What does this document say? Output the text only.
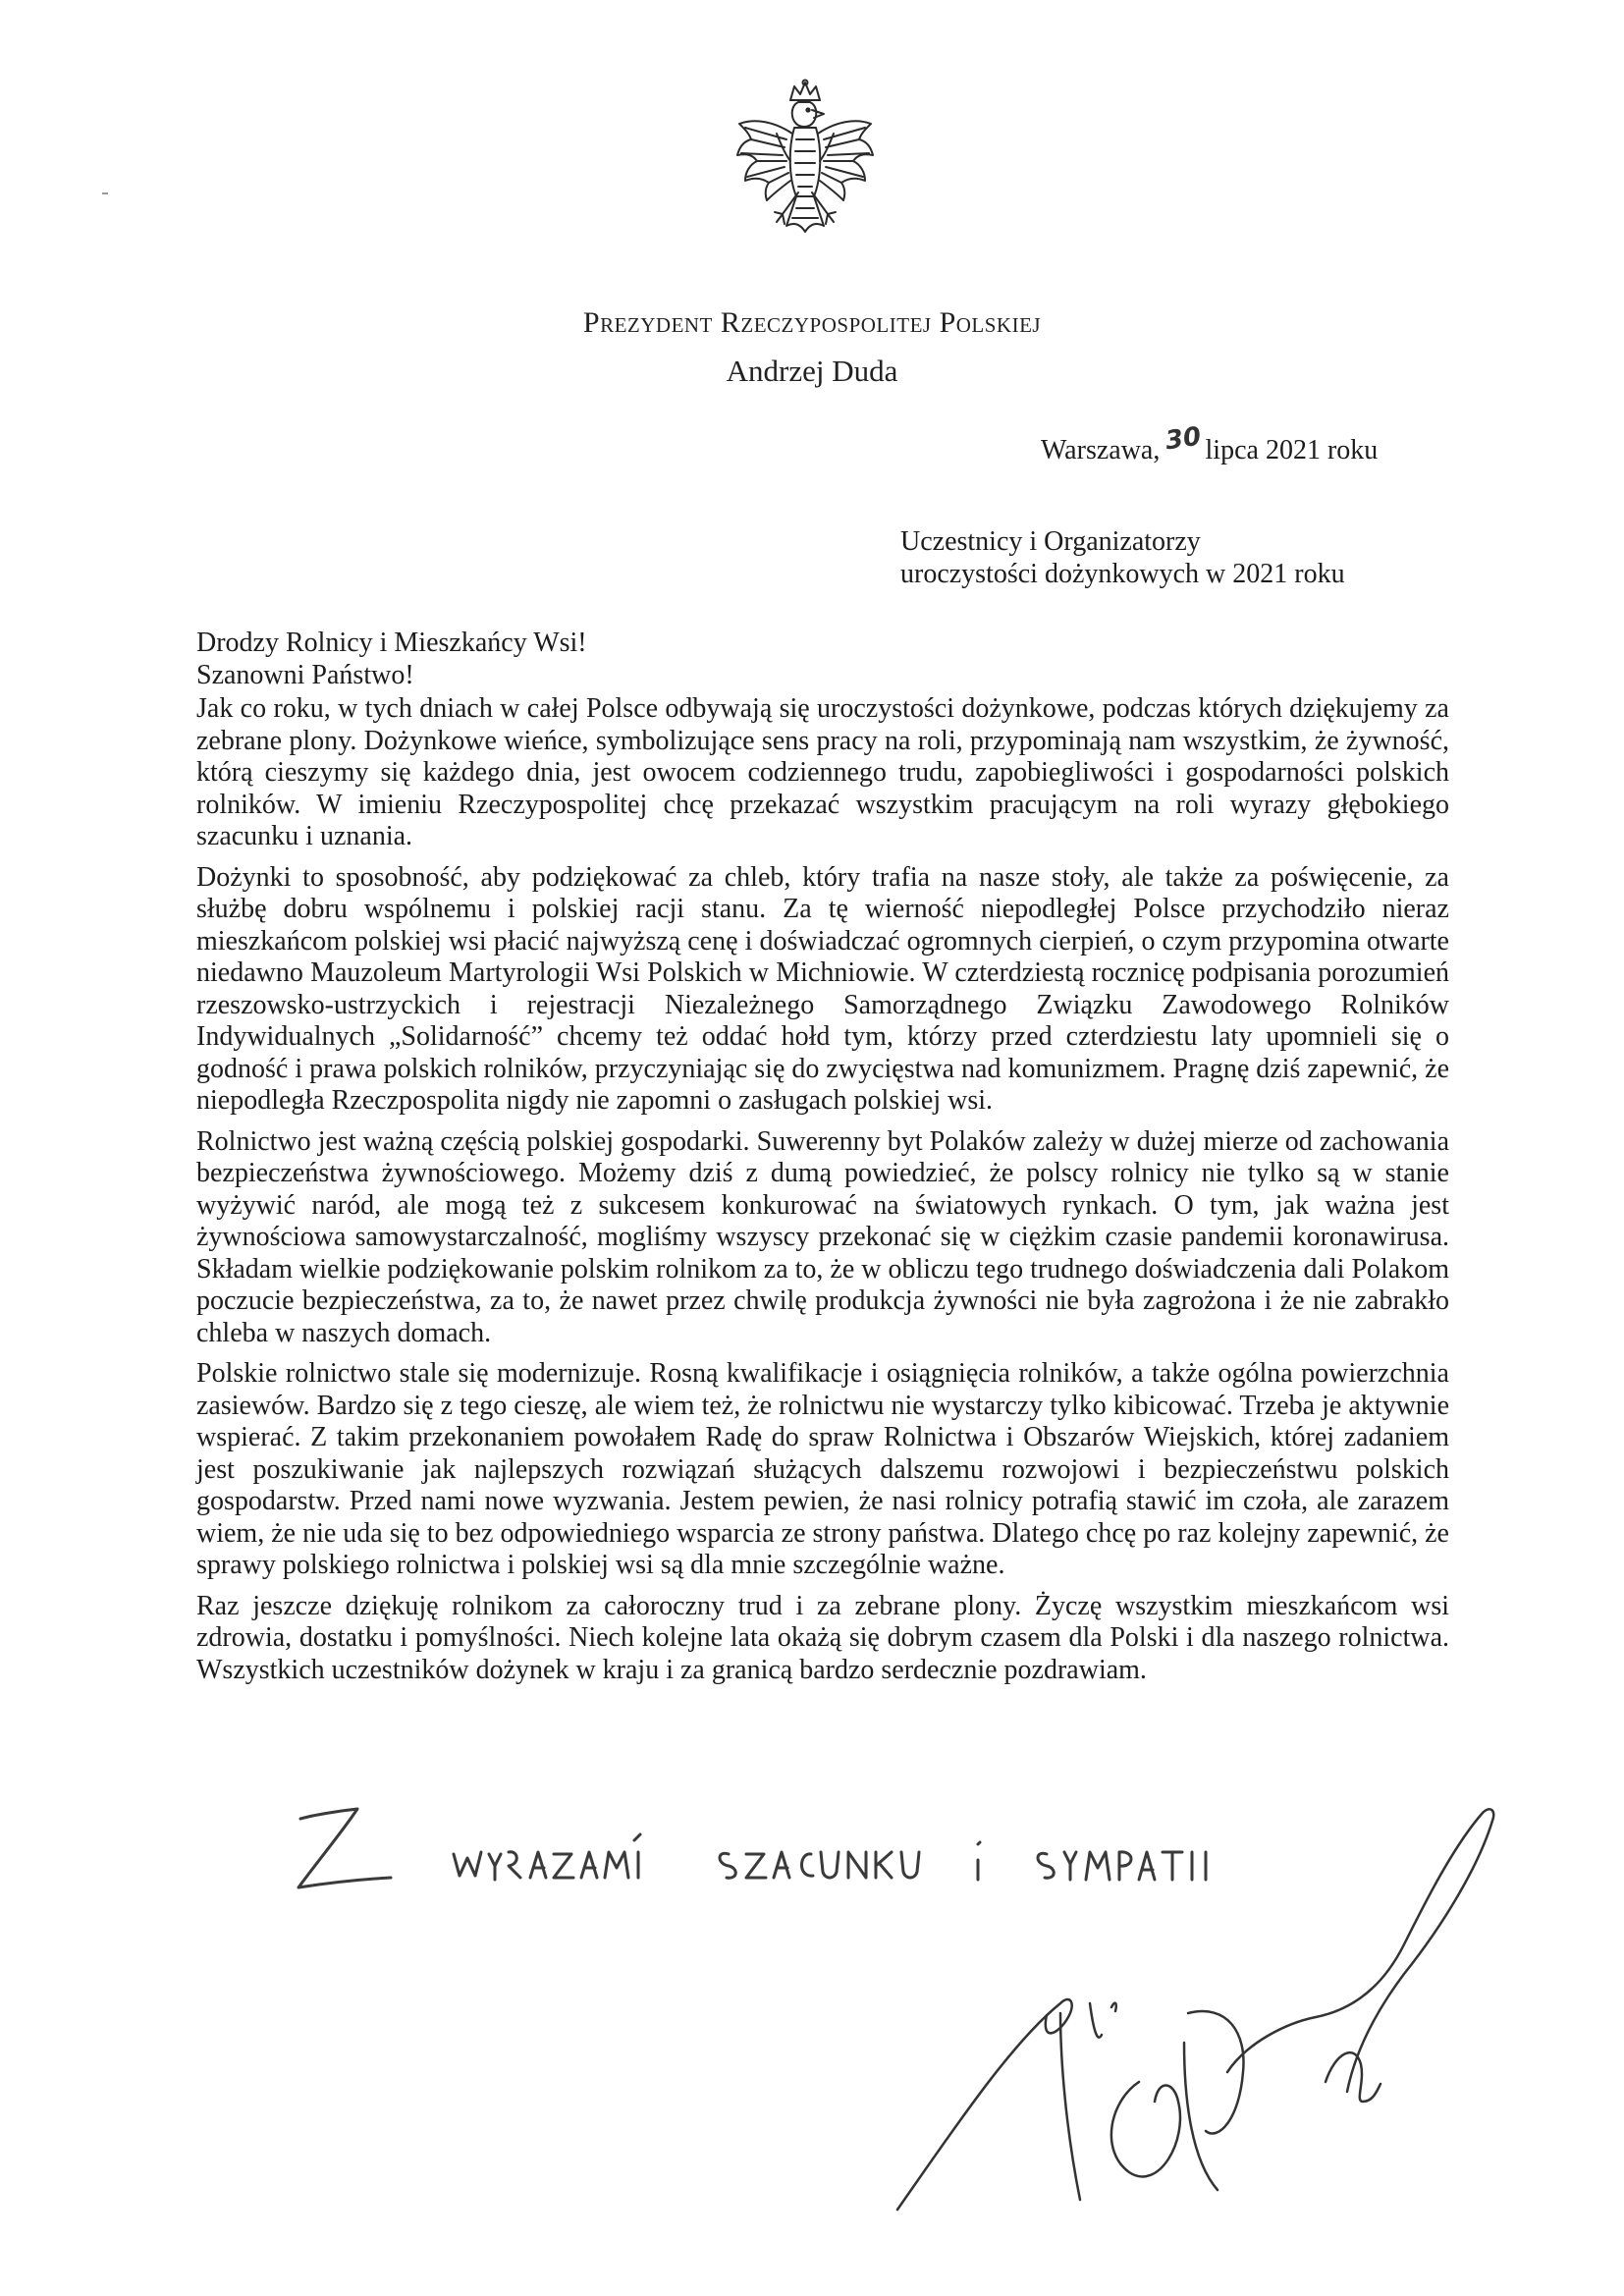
Prezydent Rzeczypospolitej Polskiej
Andrzej Duda
Warszawa, 30lipca 2021 roku
Uczestnicy i Organizatorzy
uroczystości dożynkowych w 2021 roku
Drodzy Rolnicy i Mieszkańcy Wsi!
Szanowni Państwo!

Jak co roku, w tych dniach w całej Polsce odbywają się uroczystości dożynkowe, podczas których dziękujemy za zebrane plony. Dożynkowe wieńce, symbolizujące sens pracy na roli, przypominają nam wszystkim, że żywność, którą cieszymy się każdego dnia, jest owocem codziennego trudu, zapobiegliwości i gospodarności polskich rolników. W imieniu Rzeczypospolitej chcę przekazać wszystkim pracującym na roli wyrazy głębokiego szacunku i uznania.

Dożynki to sposobność, aby podziękować za chleb, który trafia na nasze stoły, ale także za poświęcenie, za służbę dobru wspólnemu i polskiej racji stanu. Za tę wierność niepodległej Polsce przychodziło nieraz mieszkańcom polskiej wsi płacić najwyższą cenę i doświadczać ogromnych cierpień, o czym przypomina otwarte niedawno Mauzoleum Martyrologii Wsi Polskich w Michniowie. W czterdziestą rocznicę podpisania porozumień rzeszowsko-ustrzyckich i rejestracji Niezależnego Samorządnego Związku Zawodowego Rolników Indywidualnych „Solidarność” chcemy też oddać hołd tym, którzy przed czterdziestu laty upomnieli się o godność i prawa polskich rolników, przyczyniając się do zwycięstwa nad komunizmem. Pragnę dziś zapewnić, że niepodległa Rzeczpospolita nigdy nie zapomni o zasługach polskiej wsi.

Rolnictwo jest ważną częścią polskiej gospodarki. Suwerenny byt Polaków zależy w dużej mierze od zachowania bezpieczeństwa żywnościowego. Możemy dziś z dumą powiedzieć, że polscy rolnicy nie tylko są w stanie wyżywić naród, ale mogą też z sukcesem konkurować na światowych rynkach. O tym, jak ważna jest żywnościowa samowystarczalność, mogliśmy wszyscy przekonać się w ciężkim czasie pandemii koronawirusa. Składam wielkie podziękowanie polskim rolnikom za to, że w obliczu tego trudnego doświadczenia dali Polakom poczucie bezpieczeństwa, za to, że nawet przez chwilę produkcja żywności nie była zagrożona i że nie zabrakło chleba w naszych domach.

Polskie rolnictwo stale się modernizuje. Rosną kwalifikacje i osiągnięcia rolników, a także ogólna powierzchnia zasiewów. Bardzo się z tego cieszę, ale wiem też, że rolnictwu nie wystarczy tylko kibicować. Trzeba je aktywnie wspierać. Z takim przekonaniem powołałem Radę do spraw Rolnictwa i Obszarów Wiejskich, której zadaniem jest poszukiwanie jak najlepszych rozwiązań służących dalszemu rozwojowi i bezpieczeństwu polskich gospodarstw. Przed nami nowe wyzwania. Jestem pewien, że nasi rolnicy potrafią stawić im czoła, ale zarazem wiem, że nie uda się to bez odpowiedniego wsparcia ze strony państwa. Dlatego chcę po raz kolejny zapewnić, że sprawy polskiego rolnictwa i polskiej wsi są dla mnie szczególnie ważne.

Raz jeszcze dziękuję rolnikom za całoroczny trud i za zebrane plony. Życzę wszystkim mieszkańcom wsi zdrowia, dostatku i pomyślności. Niech kolejne lata okażą się dobrym czasem dla Polski i dla naszego rolnictwa. Wszystkich uczestników dożynek w kraju i za granicą bardzo serdecznie pozdrawiam.
